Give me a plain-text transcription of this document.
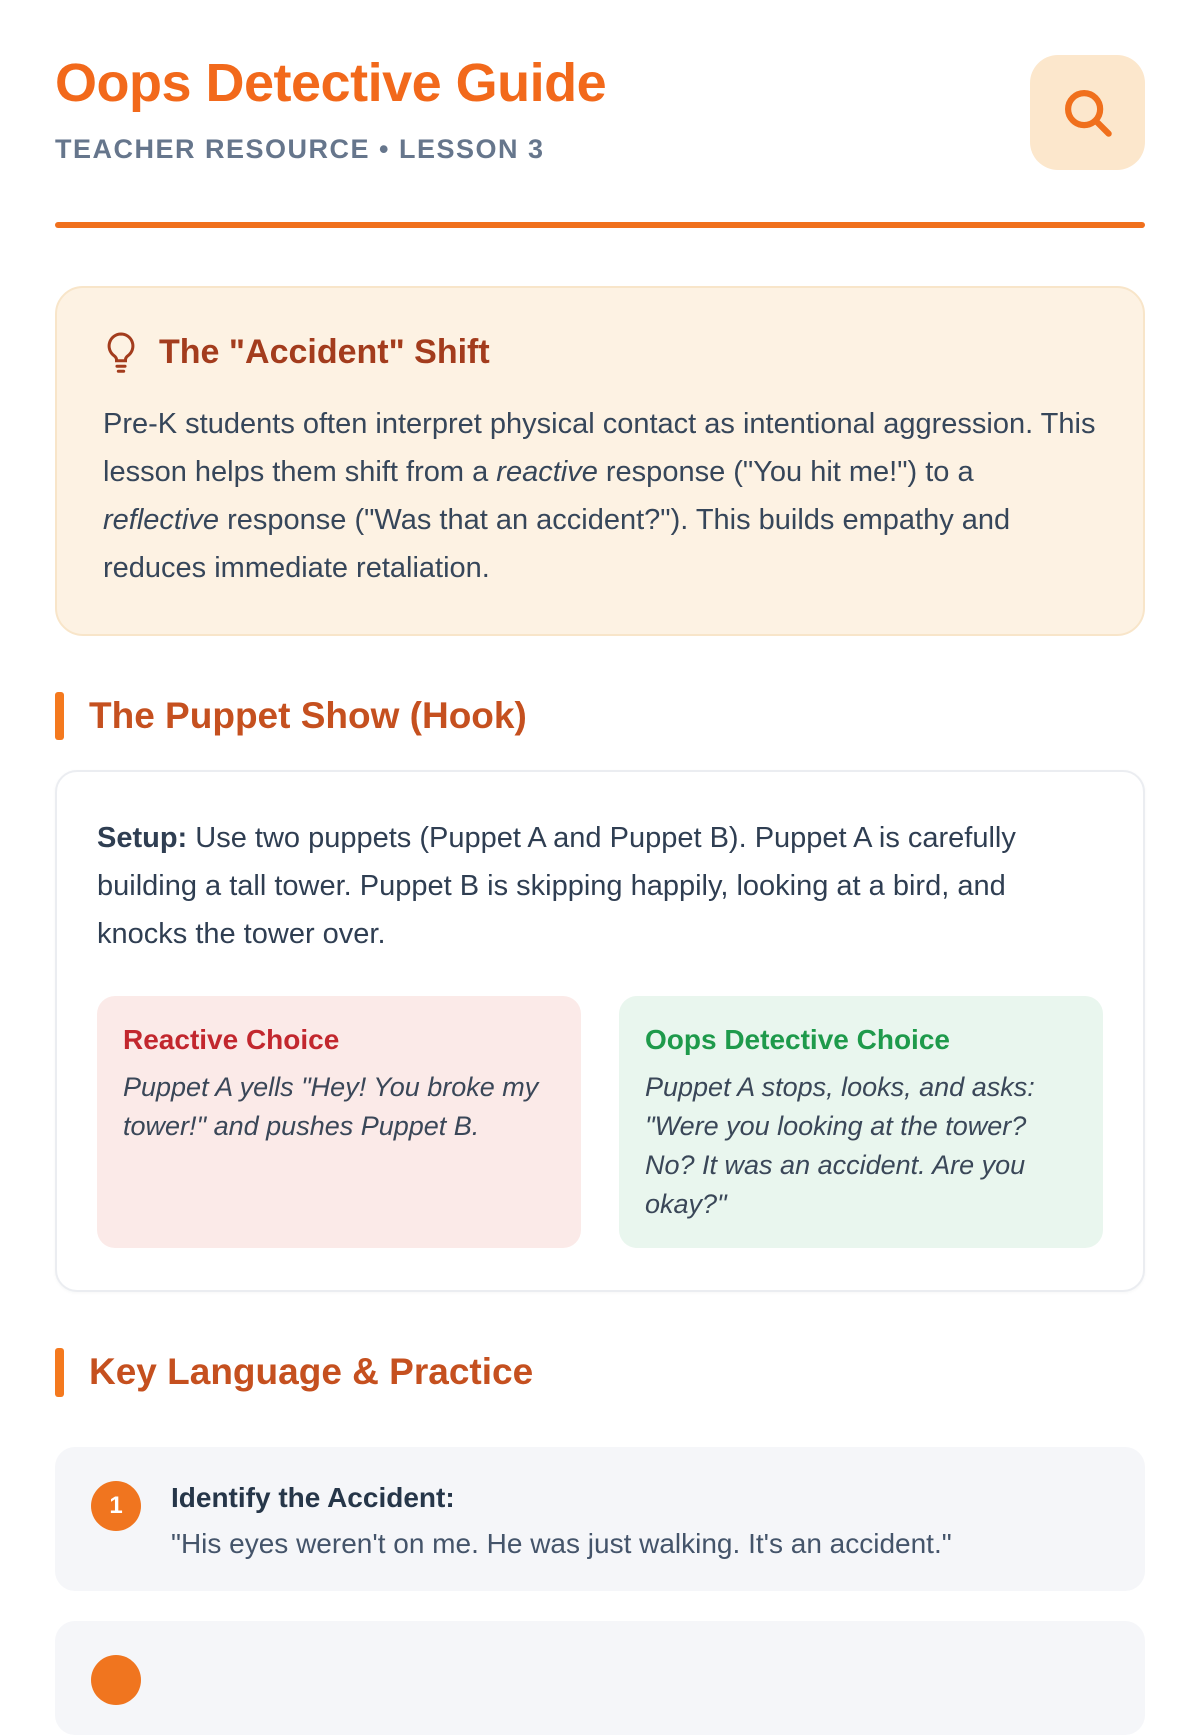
Oops Detective Guide
TEACHER RESOURCE • LESSON 3
The "Accident" Shift

Pre-K students often interpret physical contact as intentional aggression. This lesson helps them shift from a reactive response ("You hit me!") to a reflective response ("Was that an accident?"). This builds empathy and reduces immediate retaliation.

The Puppet Show (Hook)

Setup: Use two puppets (Puppet A and Puppet B). Puppet A is carefully building a tall tower. Puppet B is skipping happily, looking at a bird, and knocks the tower over.

Reactive Choice
Puppet A yells "Hey! You broke my tower!" and pushes Puppet B.
Oops Detective Choice
Puppet A stops, looks, and asks: "Were you looking at the tower? No? It was an accident. Are you okay?"
Key Language & Practice
1	Identify the Accident:
"His eyes weren't on me. He was just walking. It's an accident."
